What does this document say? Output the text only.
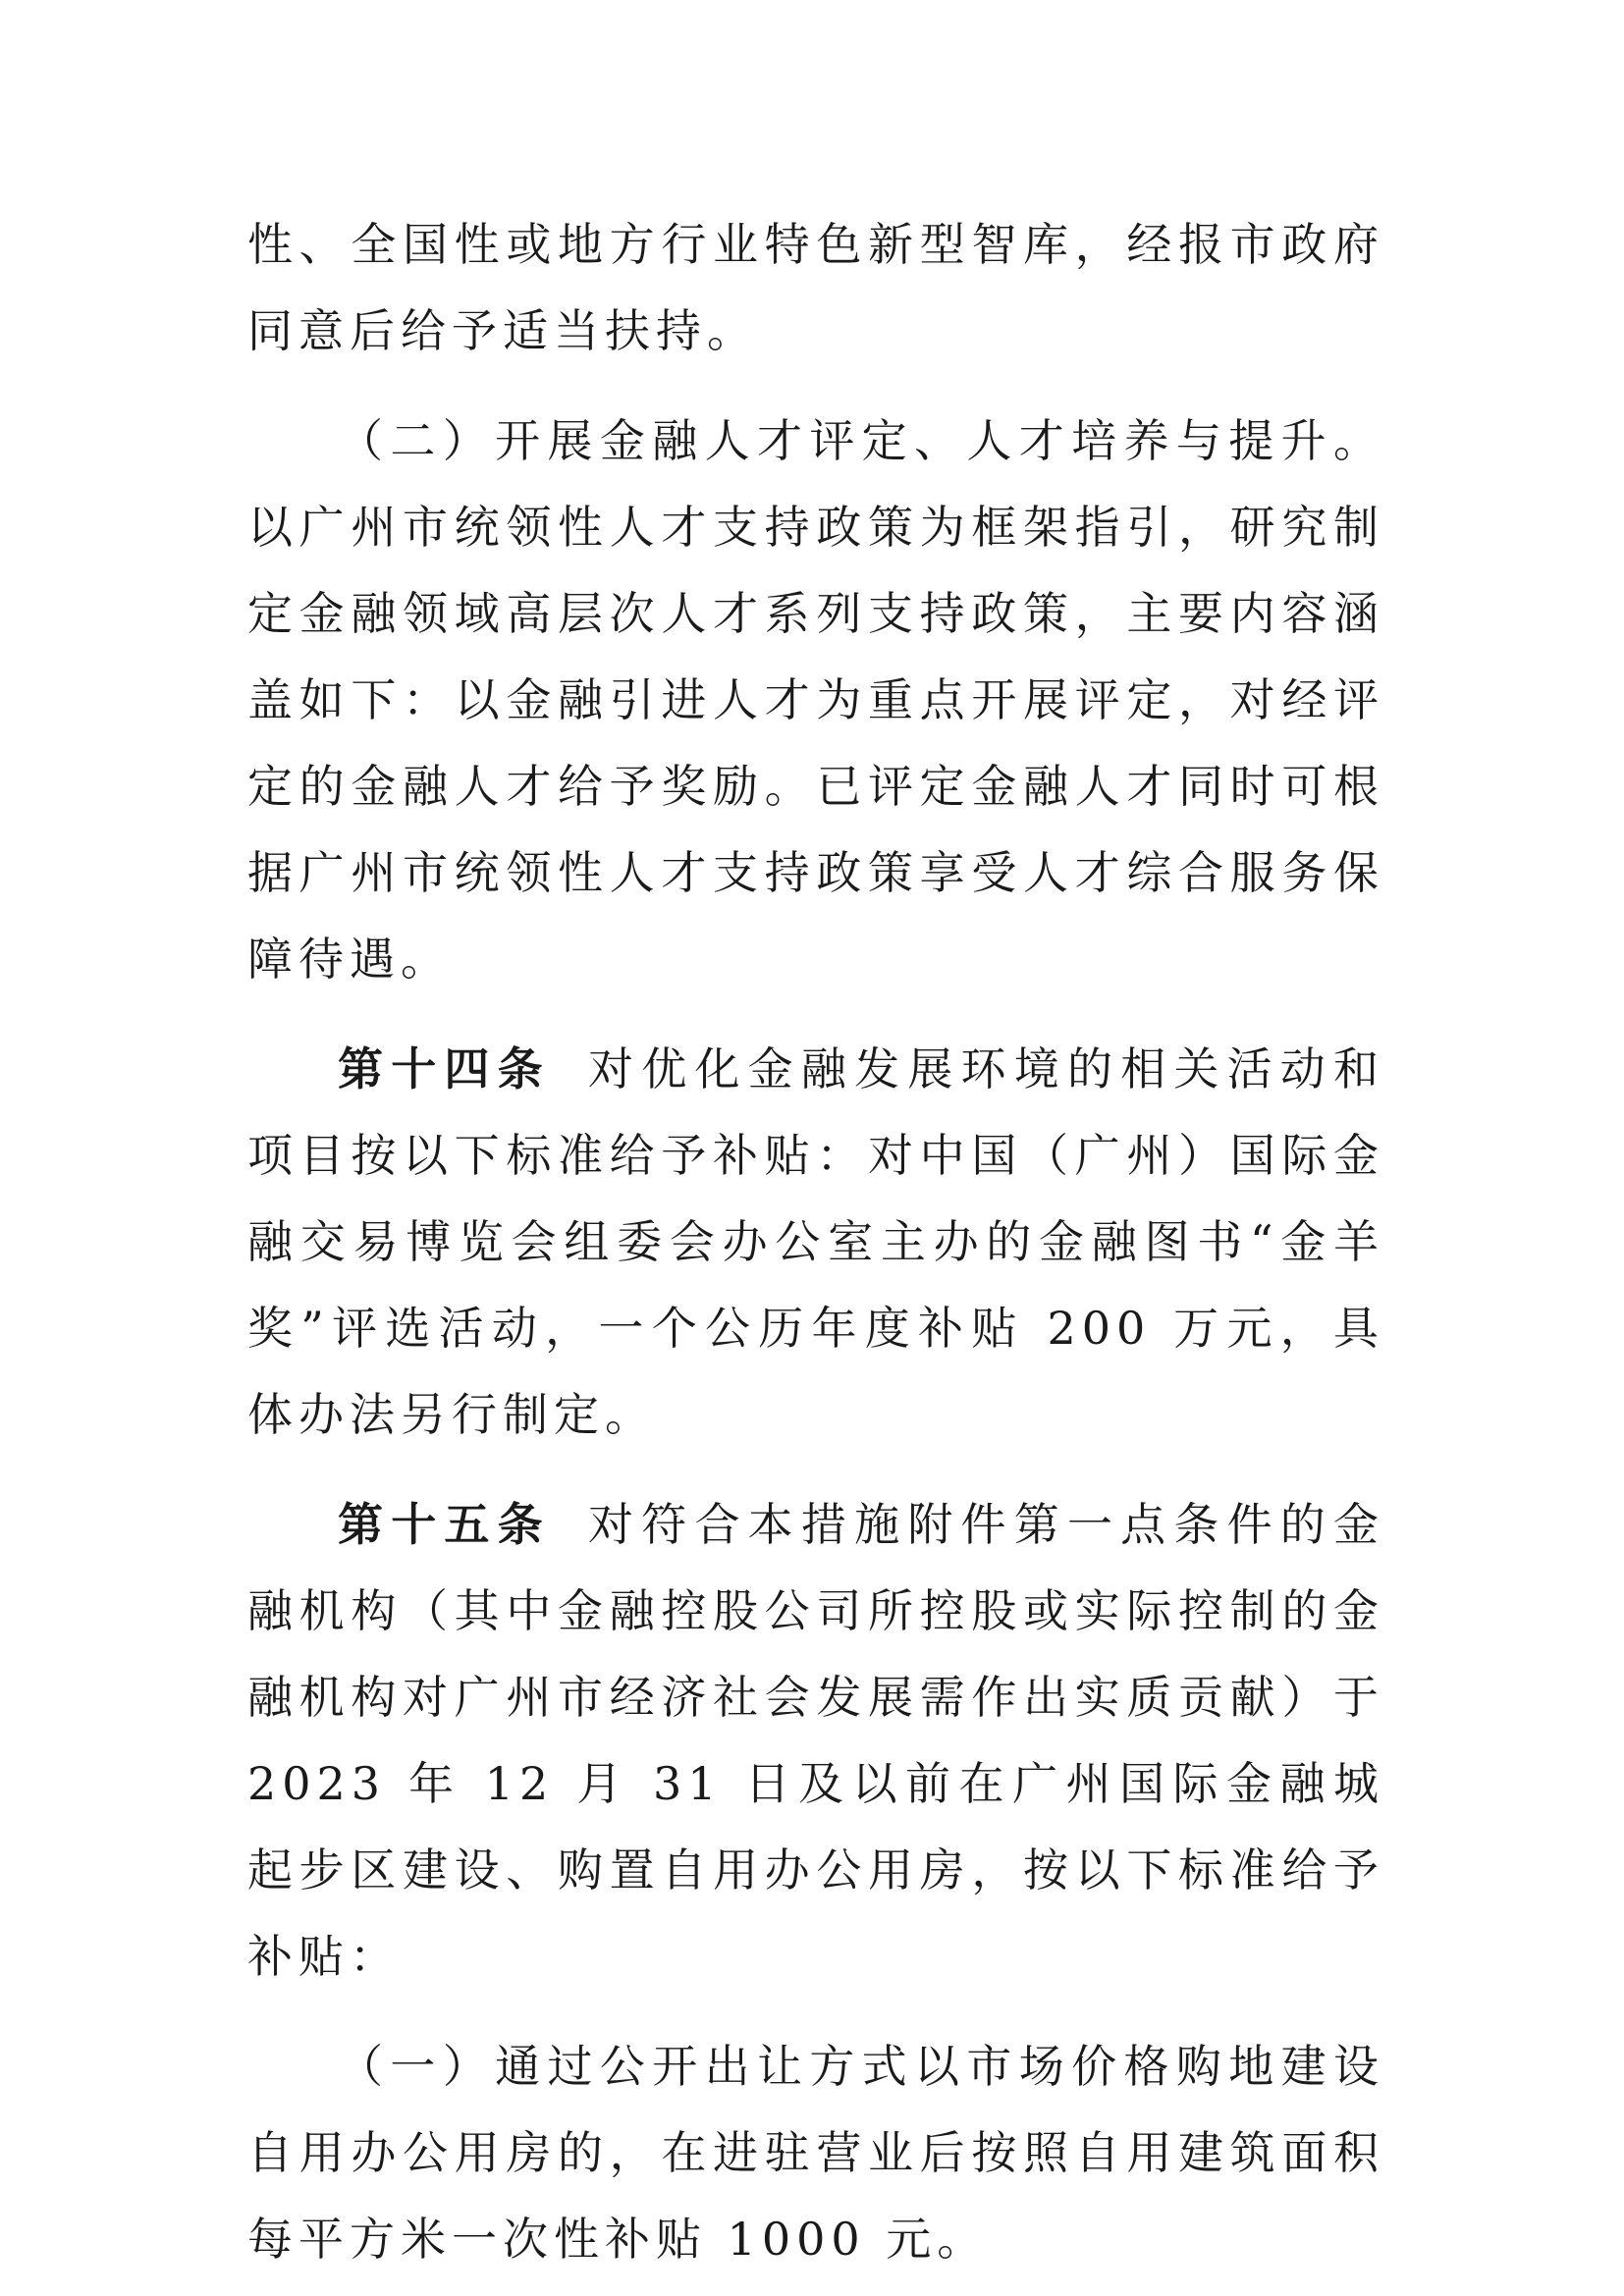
性、全国性或地方行业特色新型智库，经报市政府同意后给予适当扶持。

（二）开展金融人才评定、人才培养与提升。以广州市统领性人才支持政策为框架指引，研究制定金融领域高层次人才系列支持政策，主要内容涵盖如下：以金融引进人才为重点开展评定，对经评定的金融人才给予奖励。已评定金融人才同时可根据广州市统领性人才支持政策享受人才综合服务保障待遇。

第十四条 对优化金融发展环境的相关活动和项目按以下标准给予补贴：对中国（广州）国际金融交易博览会组委会办公室主办的金融图书“金羊奖”评选活动，一个公历年度补贴 200 万元，具体办法另行制定。

第十五条 对符合本措施附件第一点条件的金融机构（其中金融控股公司所控股或实际控制的金融机构对广州市经济社会发展需作出实质贡献）于 2023 年 12 月 31 日及以前在广州国际金融城起步区建设、购置自用办公用房，按以下标准给予补贴：

（一）通过公开出让方式以市场价格购地建设自用办公用房的，在进驻营业后按照自用建筑面积每平方米一次性补贴 1000 元。
